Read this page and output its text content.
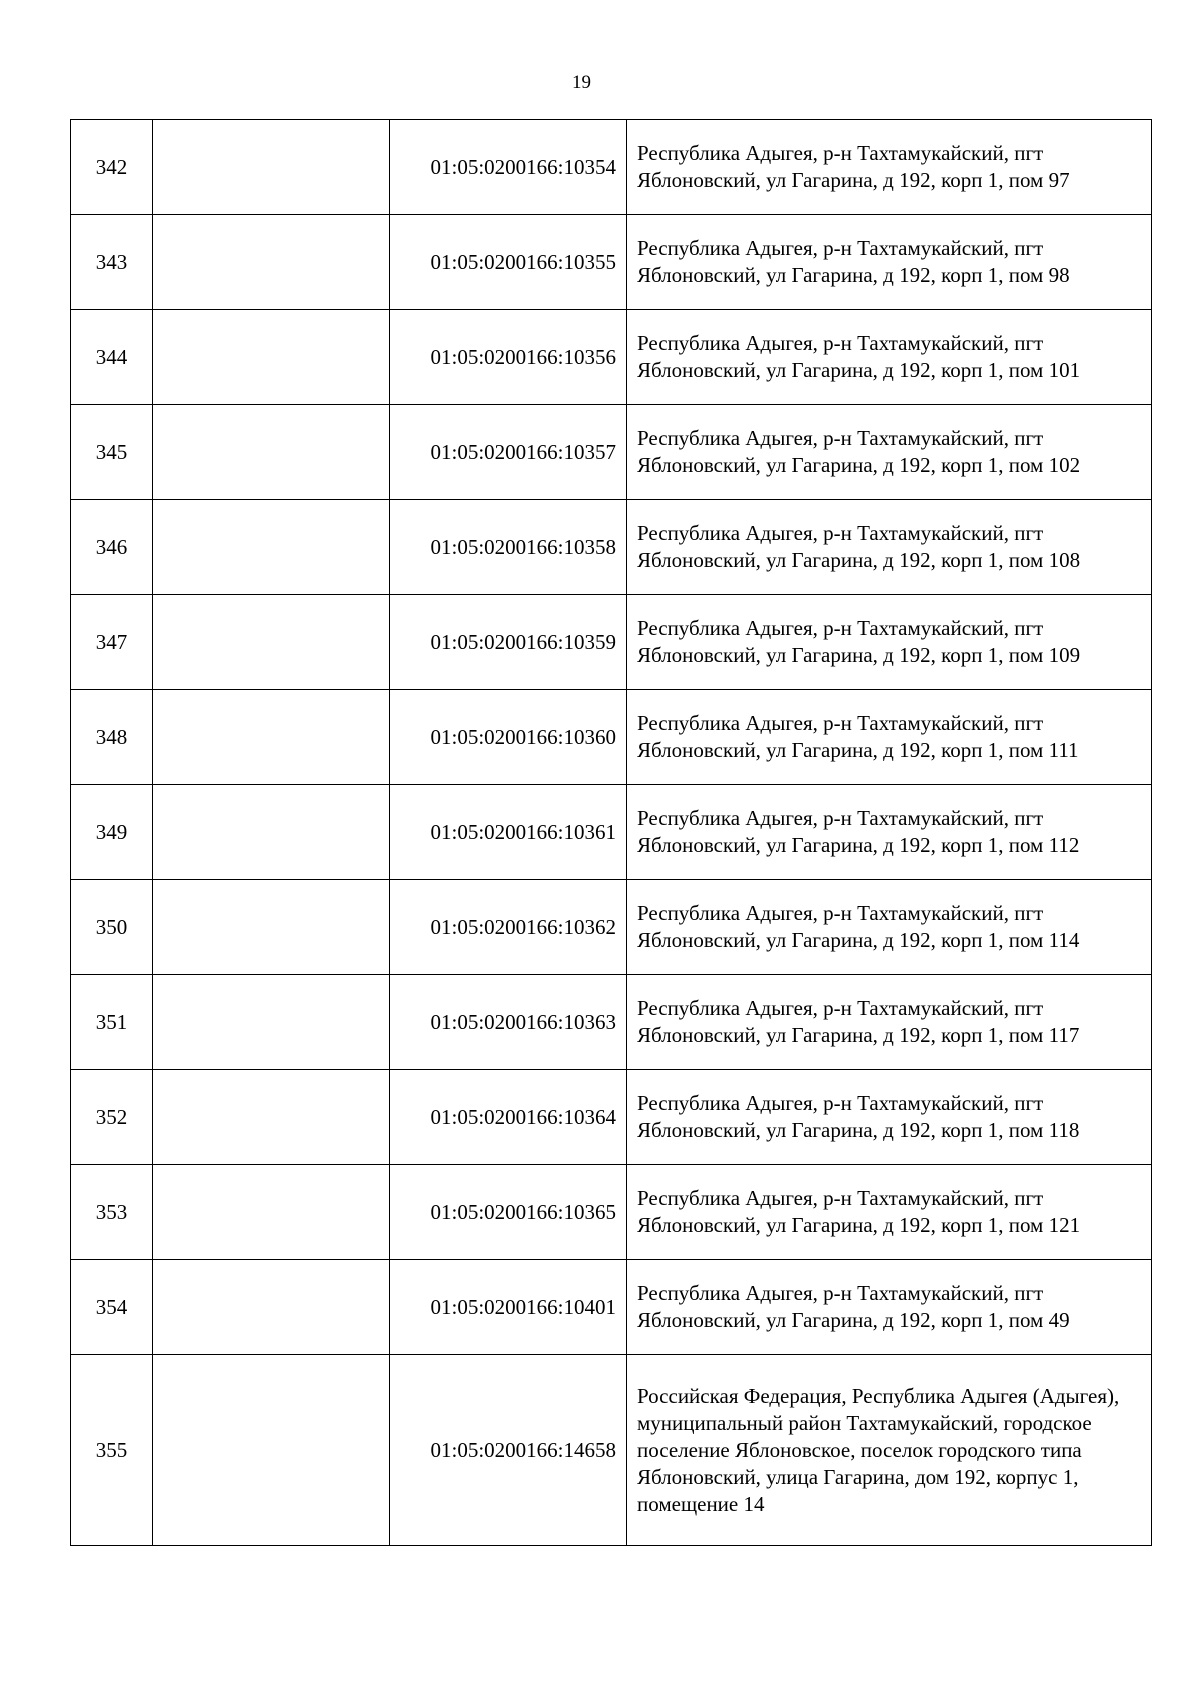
19
342		01:05:0200166:10354	Республика Адыгея, р-н Тахтамукайский, пгт Яблоновский, ул Гагарина, д 192, корп 1, пом 97
343		01:05:0200166:10355	Республика Адыгея, р-н Тахтамукайский, пгт Яблоновский, ул Гагарина, д 192, корп 1, пом 98
344		01:05:0200166:10356	Республика Адыгея, р-н Тахтамукайский, пгт Яблоновский, ул Гагарина, д 192, корп 1, пом 101
345		01:05:0200166:10357	Республика Адыгея, р-н Тахтамукайский, пгт Яблоновский, ул Гагарина, д 192, корп 1, пом 102
346		01:05:0200166:10358	Республика Адыгея, р-н Тахтамукайский, пгт Яблоновский, ул Гагарина, д 192, корп 1, пом 108
347		01:05:0200166:10359	Республика Адыгея, р-н Тахтамукайский, пгт Яблоновский, ул Гагарина, д 192, корп 1, пом 109
348		01:05:0200166:10360	Республика Адыгея, р-н Тахтамукайский, пгт Яблоновский, ул Гагарина, д 192, корп 1, пом 111
349		01:05:0200166:10361	Республика Адыгея, р-н Тахтамукайский, пгт Яблоновский, ул Гагарина, д 192, корп 1, пом 112
350		01:05:0200166:10362	Республика Адыгея, р-н Тахтамукайский, пгт Яблоновский, ул Гагарина, д 192, корп 1, пом 114
351		01:05:0200166:10363	Республика Адыгея, р-н Тахтамукайский, пгт Яблоновский, ул Гагарина, д 192, корп 1, пом 117
352		01:05:0200166:10364	Республика Адыгея, р-н Тахтамукайский, пгт Яблоновский, ул Гагарина, д 192, корп 1, пом 118
353		01:05:0200166:10365	Республика Адыгея, р-н Тахтамукайский, пгт Яблоновский, ул Гагарина, д 192, корп 1, пом 121
354		01:05:0200166:10401	Республика Адыгея, р-н Тахтамукайский, пгт Яблоновский, ул Гагарина, д 192, корп 1, пом 49
355		01:05:0200166:14658	Российская Федерация, Республика Адыгея (Адыгея), муниципальный район Тахтамукайский, городское поселение Яблоновское, поселок городского типа Яблоновский, улица Гагарина, дом 192, корпус 1, помещение 14
